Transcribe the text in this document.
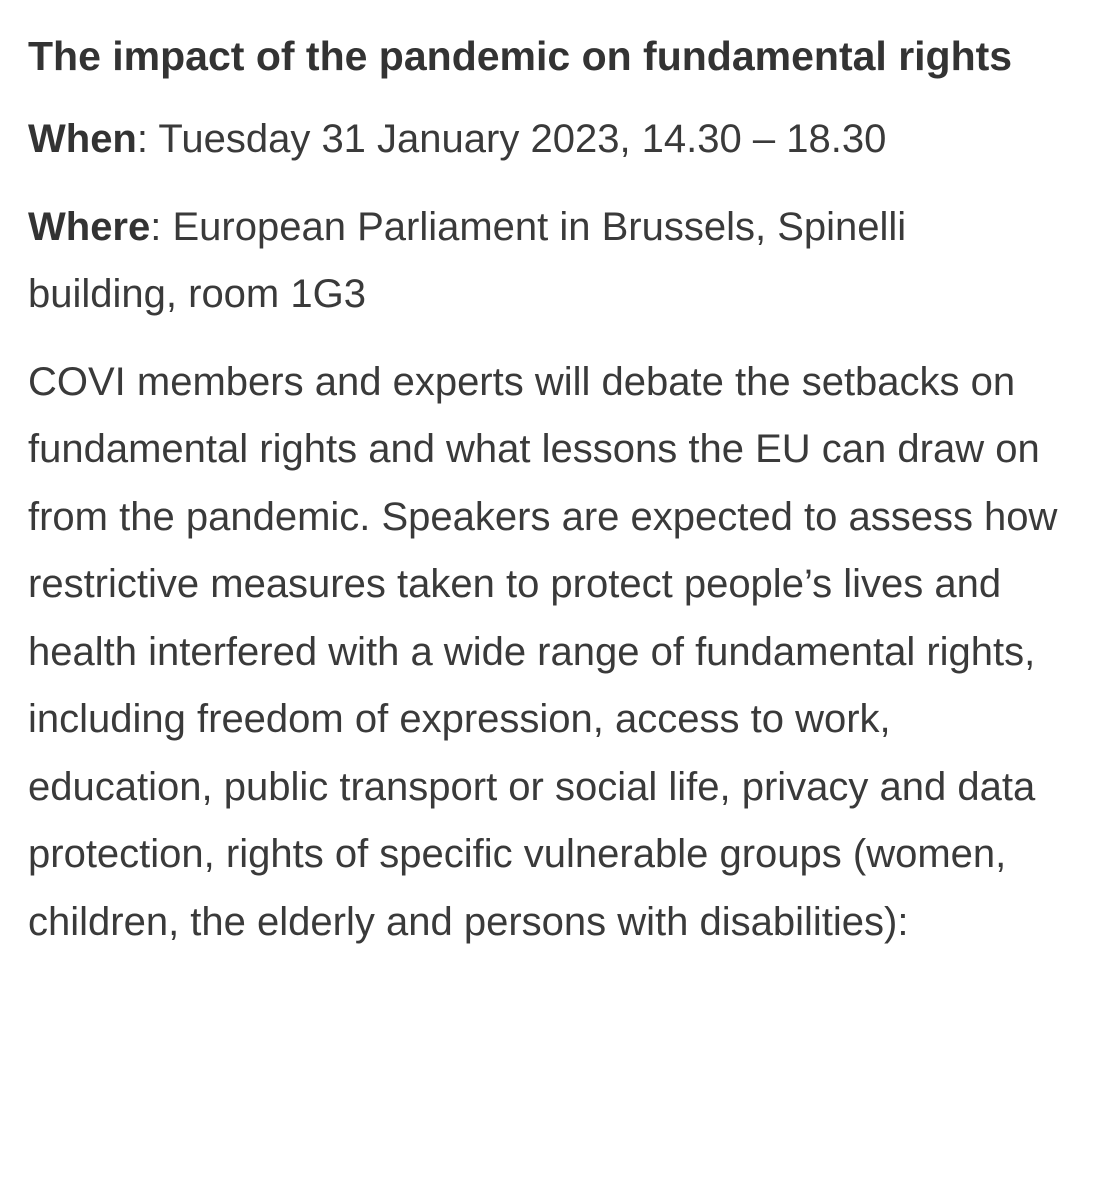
The impact of the pandemic on fundamental rights

When: Tuesday 31 January 2023, 14.30 – 18.30

Where: European Parliament in Brussels, Spinelli building, room 1G3

COVI members and experts will debate the setbacks on fundamental rights and what lessons the EU can draw on from the pandemic. Speakers are expected to assess how restrictive measures taken to protect people’s lives and health interfered with a wide range of fundamental rights, including freedom of expression, access to work, education, public transport or social life, privacy and data protection, rights of specific vulnerable groups (women, children, the elderly and persons with disabilities):
